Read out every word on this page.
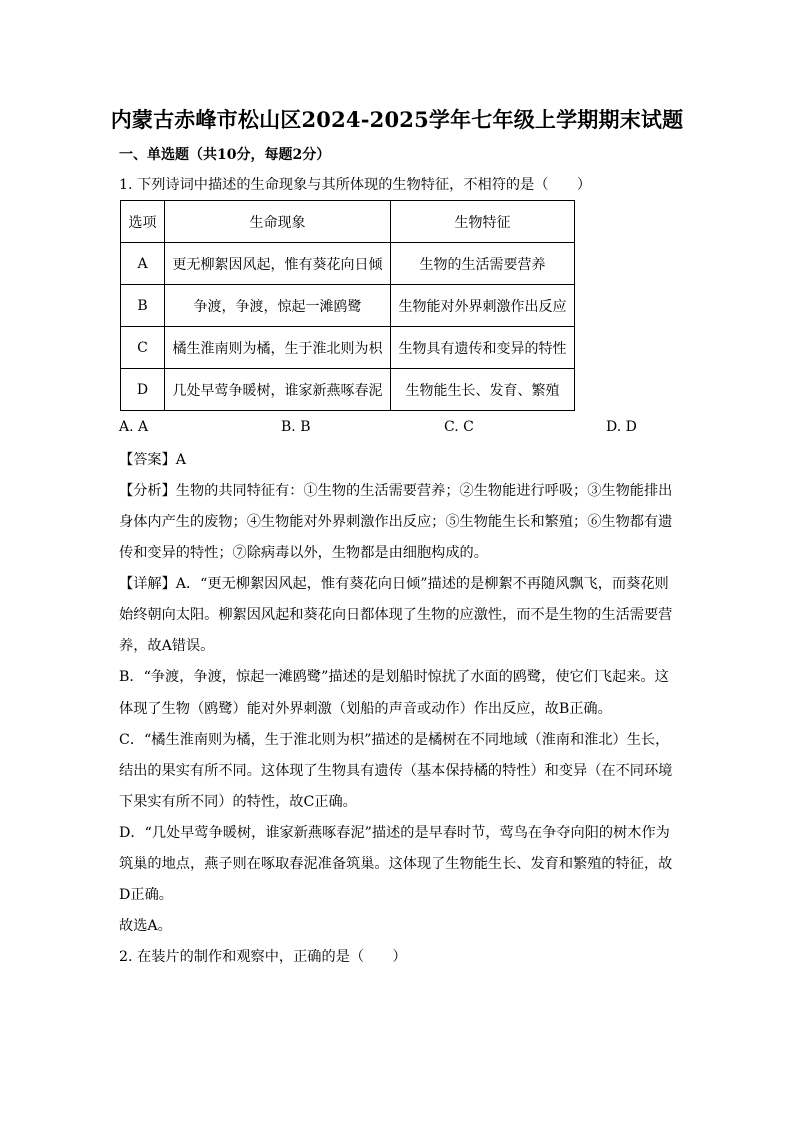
内蒙古赤峰市松山区2024-2025学年七年级上学期期末试题
一、单选题（共10分，每题2分）
1. 下列诗词中描述的生命现象与其所体现的生物特征，不相符的是（　　）
选项	生命现象	生物特征
A	更无柳絮因风起，惟有葵花向日倾	生物的生活需要营养
B	争渡，争渡，惊起一滩鸥鹭	生物能对外界刺激作出反应
C	橘生淮南则为橘，生于淮北则为枳	生物具有遗传和变异的特性
D	几处早莺争暖树，谁家新燕啄春泥	生物能生长、发育、繁殖
A. A	B. B	C. C	D. D
【答案】A
【分析】生物的共同特征有：①生物的生活需要营养；②生物能进行呼吸；③生物能排出
身体内产生的废物；④生物能对外界刺激作出反应；⑤生物能生长和繁殖；⑥生物都有遗
传和变异的特性；⑦除病毒以外，生物都是由细胞构成的。
【详解】A．“更无柳絮因风起，惟有葵花向日倾”描述的是柳絮不再随风飘飞，而葵花则
始终朝向太阳。柳絮因风起和葵花向日都体现了生物的应激性，而不是生物的生活需要营
养，故A错误。
B．“争渡，争渡，惊起一滩鸥鹭”描述的是划船时惊扰了水面的鸥鹭，使它们飞起来。这
体现了生物（鸥鹭）能对外界刺激（划船的声音或动作）作出反应，故B正确。
C．“橘生淮南则为橘，生于淮北则为枳”描述的是橘树在不同地域（淮南和淮北）生长，
结出的果实有所不同。这体现了生物具有遗传（基本保持橘的特性）和变异（在不同环境
下果实有所不同）的特性，故C正确。
D．“几处早莺争暖树，谁家新燕啄春泥”描述的是早春时节，莺鸟在争夺向阳的树木作为
筑巢的地点，燕子则在啄取春泥准备筑巢。这体现了生物能生长、发育和繁殖的特征，故
D正确。
故选A。
2. 在装片的制作和观察中，正确的是（　　）
